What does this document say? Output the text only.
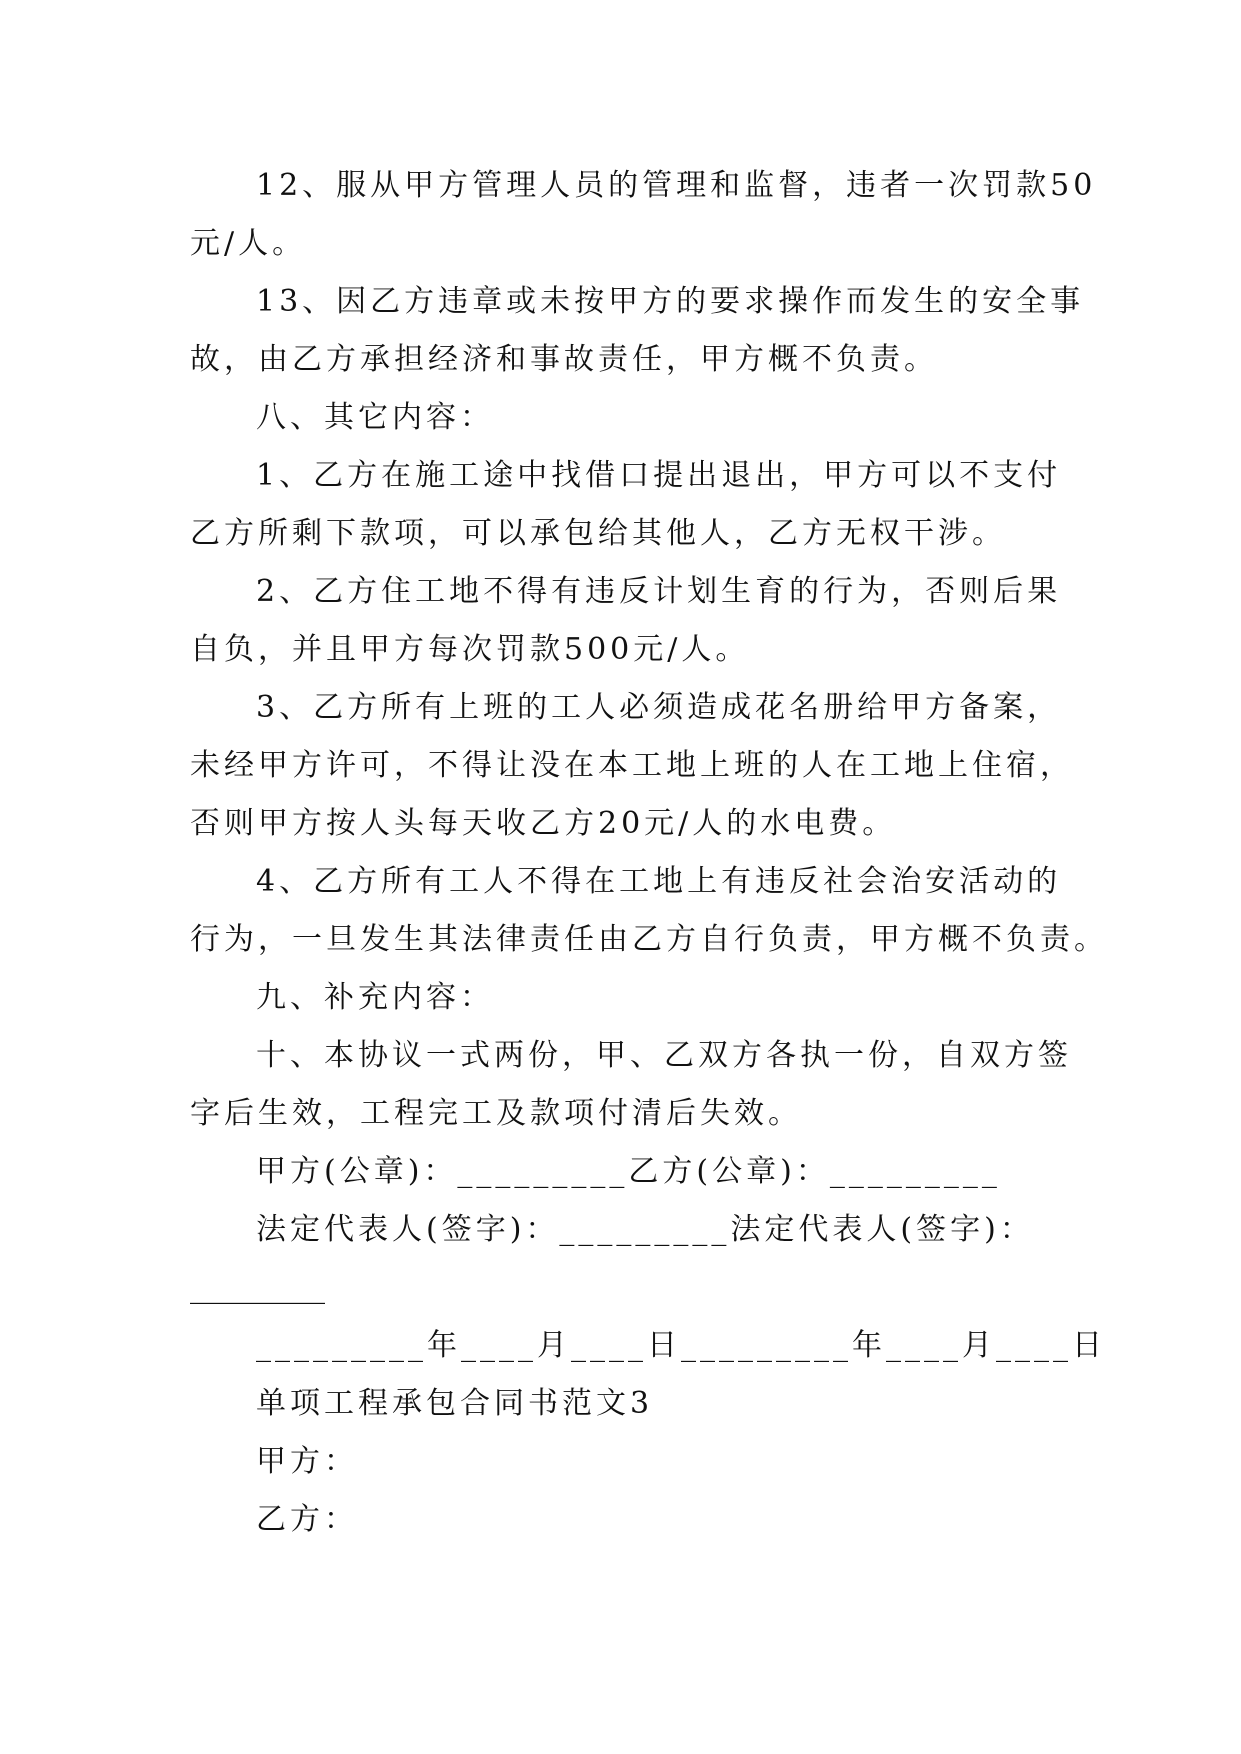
12、服从甲方管理人员的管理和监督，违者一次罚款50
元/人。
13、因乙方违章或未按甲方的要求操作而发生的安全事
故，由乙方承担经济和事故责任，甲方概不负责。
八、其它内容：
1、乙方在施工途中找借口提出退出，甲方可以不支付
乙方所剩下款项，可以承包给其他人，乙方无权干涉。
2、乙方住工地不得有违反计划生育的行为，否则后果
自负，并且甲方每次罚款500元/人。
3、乙方所有上班的工人必须造成花名册给甲方备案，
未经甲方许可，不得让没在本工地上班的人在工地上住宿，
否则甲方按人头每天收乙方20元/人的水电费。
4、乙方所有工人不得在工地上有违反社会治安活动的
行为，一旦发生其法律责任由乙方自行负责，甲方概不负责。
九、补充内容：
十、本协议一式两份，甲、乙双方各执一份，自双方签
字后生效，工程完工及款项付清后失效。
甲方(公章)：_________乙方(公章)：_________
法定代表人(签字)：_________法定代表人(签字)：
_________
_________年____月____日_________年____月____日
单项工程承包合同书范文3
甲方：
乙方：
